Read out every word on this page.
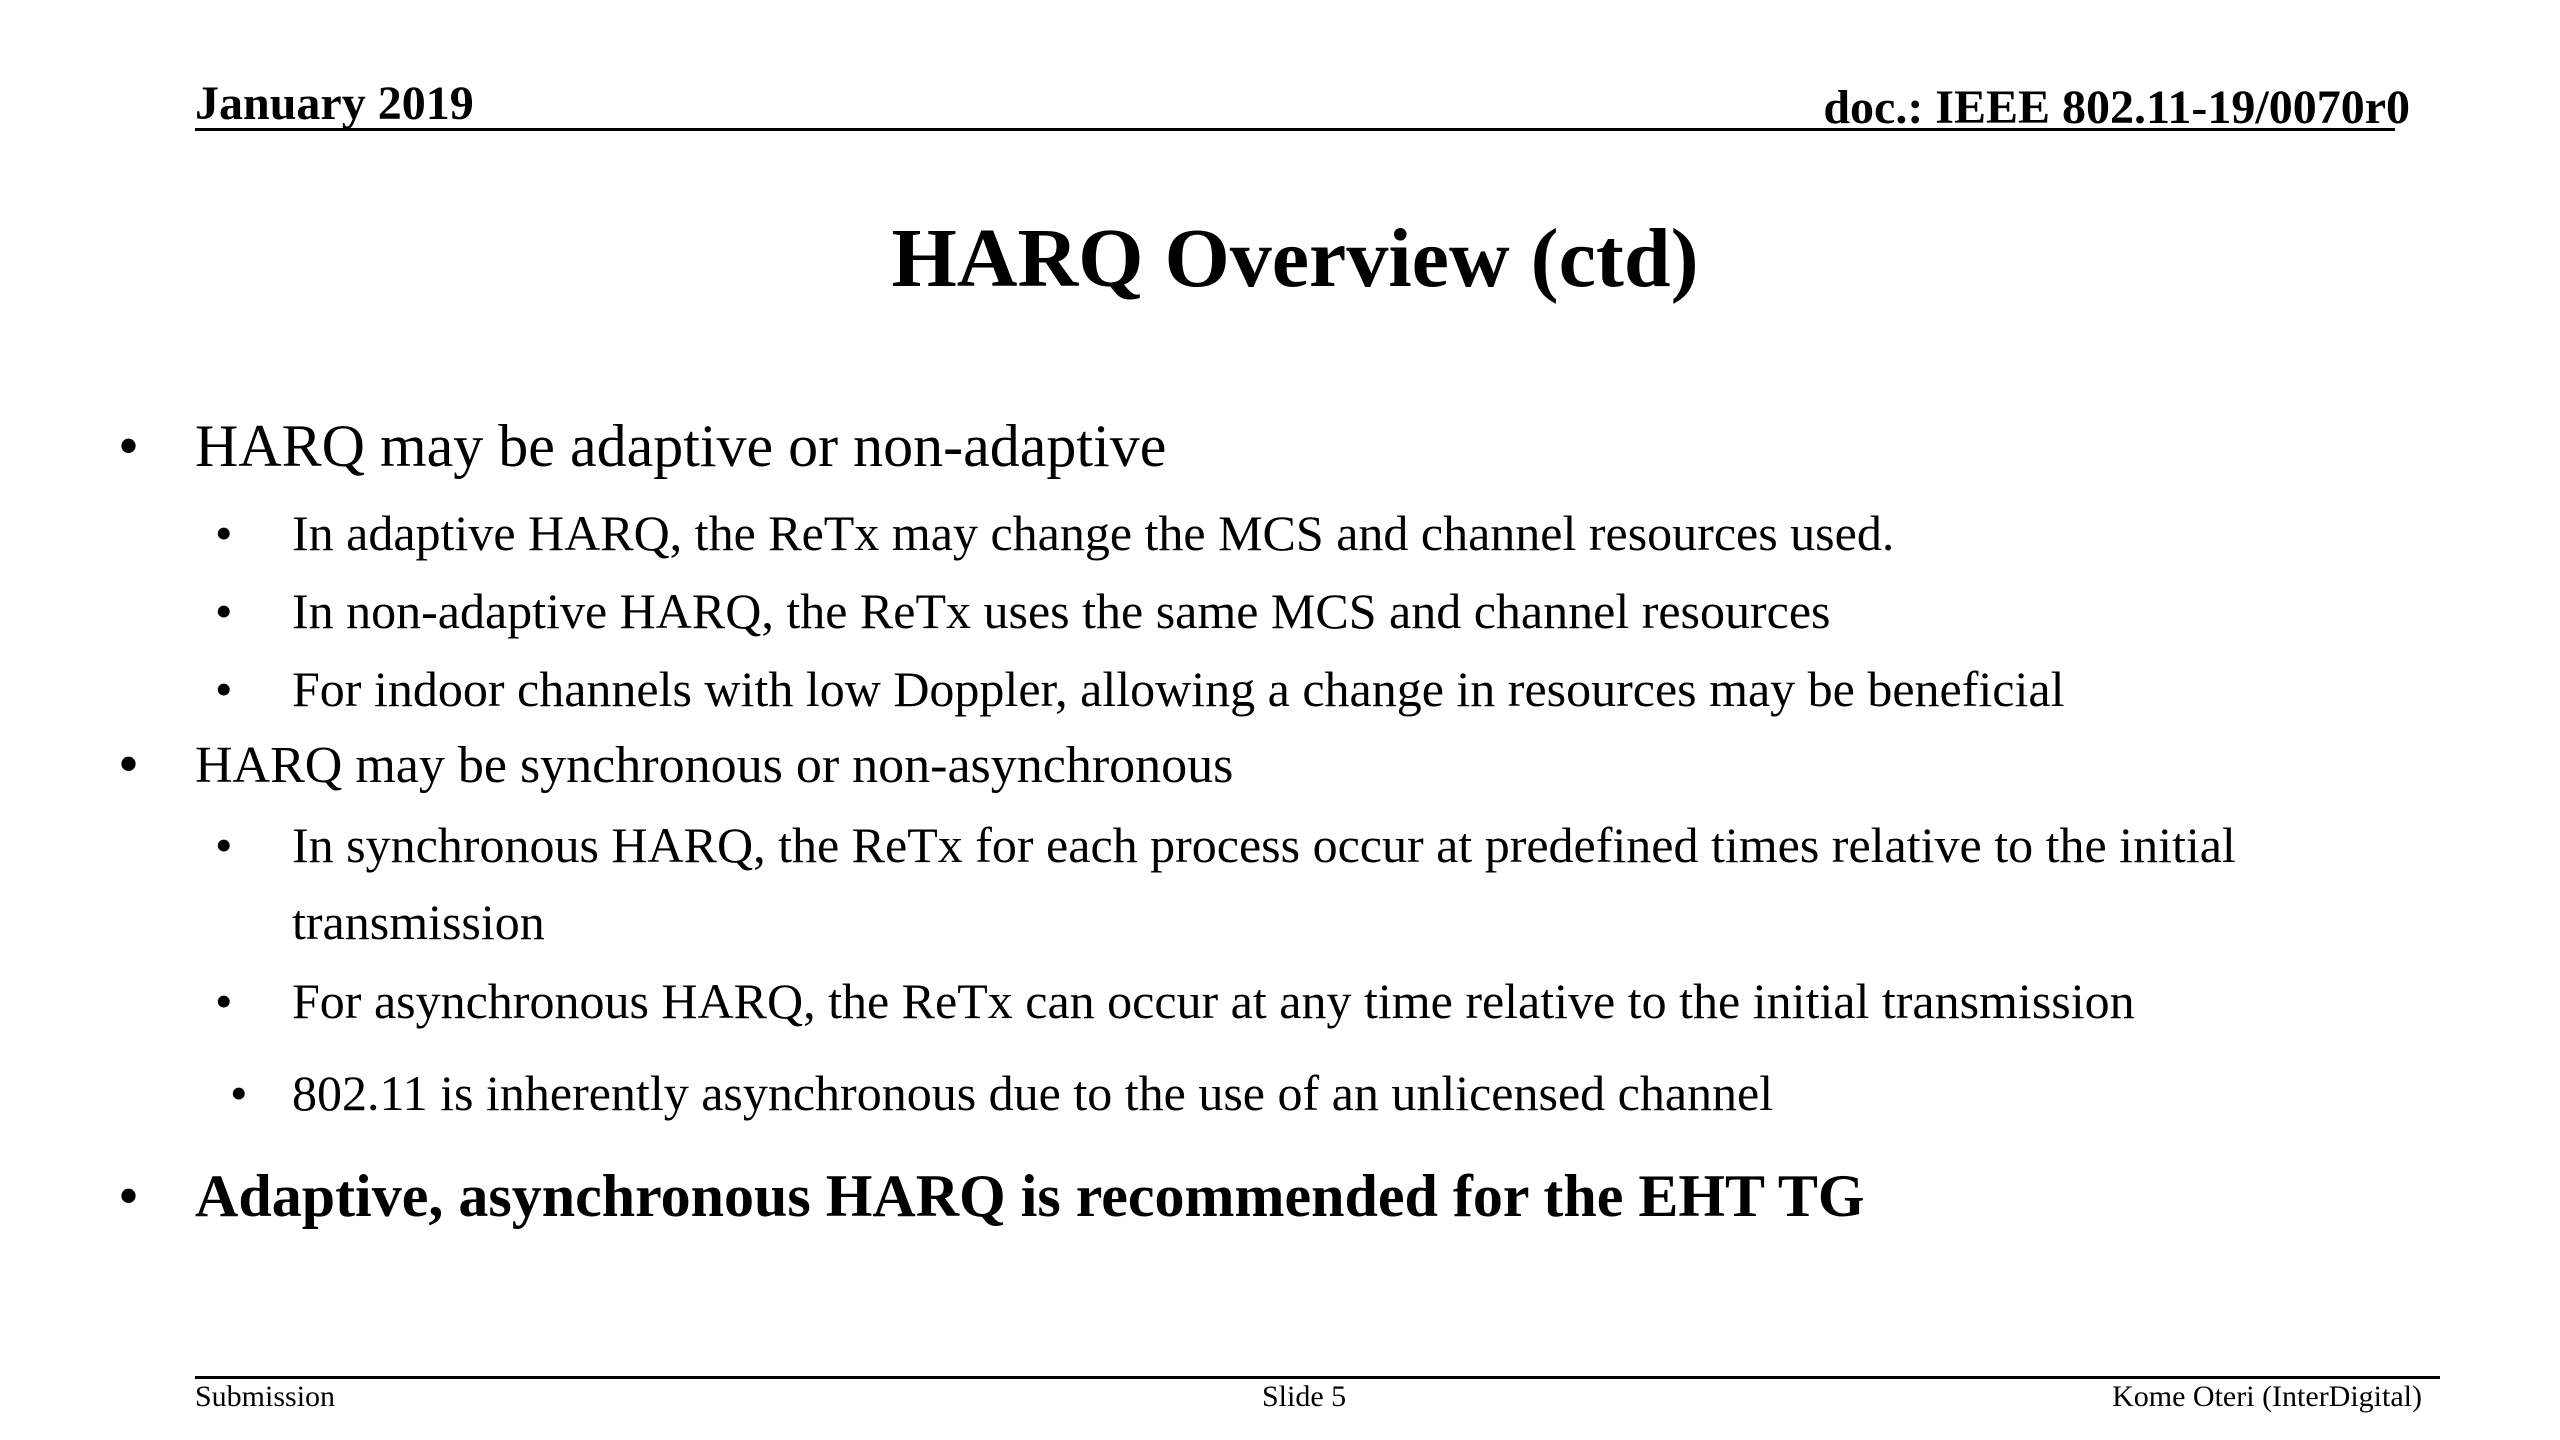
January 2019	doc.: IEEE 802.11-19/0070r0
HARQ Overview (ctd)
• HARQ may be adaptive or non-adaptive
• In adaptive HARQ, the ReTx may change the MCS and channel resources used.
• In non-adaptive HARQ, the ReTx uses the same MCS and channel resources
• For indoor channels with low Doppler, allowing a change in resources may be beneficial
• HARQ may be synchronous or non-asynchronous
• In synchronous HARQ, the ReTx for each process occur at predefined times relative to the initial
transmission
• For asynchronous HARQ, the ReTx can occur at any time relative to the initial transmission
• 802.11 is inherently asynchronous due to the use of an unlicensed channel
• Adaptive, asynchronous HARQ is recommended for the EHT TG
Submission	Slide 5	Kome Oteri (InterDigital)
